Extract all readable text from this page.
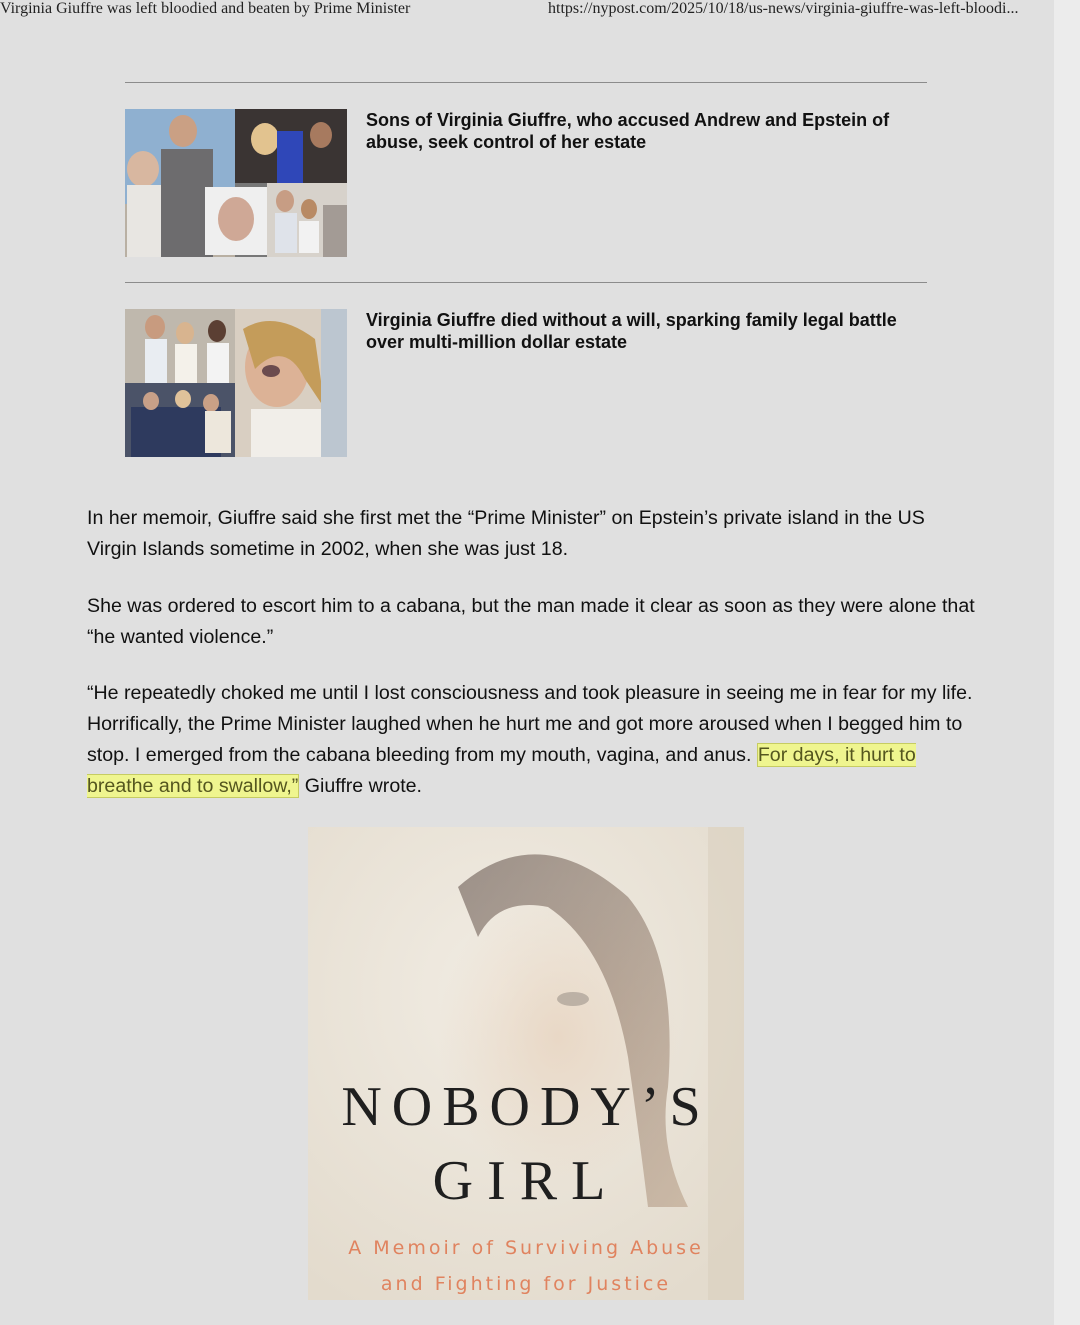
Virginia Giuffre was left bloodied and beaten by Prime Minister	https://nypost.com/2025/10/18/us-news/virginia-giuffre-was-left-bloodi...
Sons of Virginia Giuffre, who accused Andrew and Epstein of abuse, seek control of her estate
Virginia Giuffre died without a will, sparking family legal battle over multi-million dollar estate

In her memoir, Giuffre said she first met the “Prime Minister” on Epstein’s private island in the US Virgin Islands sometime in 2002, when she was just 18.

She was ordered to escort him to a cabana, but the man made it clear as soon as they were alone that “he wanted violence.”

“He repeatedly choked me until I lost consciousness and took pleasure in seeing me in fear for my life. Horrifically, the Prime Minister laughed when he hurt me and got more aroused when I begged him to stop. I emerged from the cabana bleeding from my mouth, vagina, and anus. For days, it hurt to breathe and to swallow,” Giuffre wrote.

NOBODY’S
GIRL
A Memoir of Surviving Abuse
and Fighting for Justice
